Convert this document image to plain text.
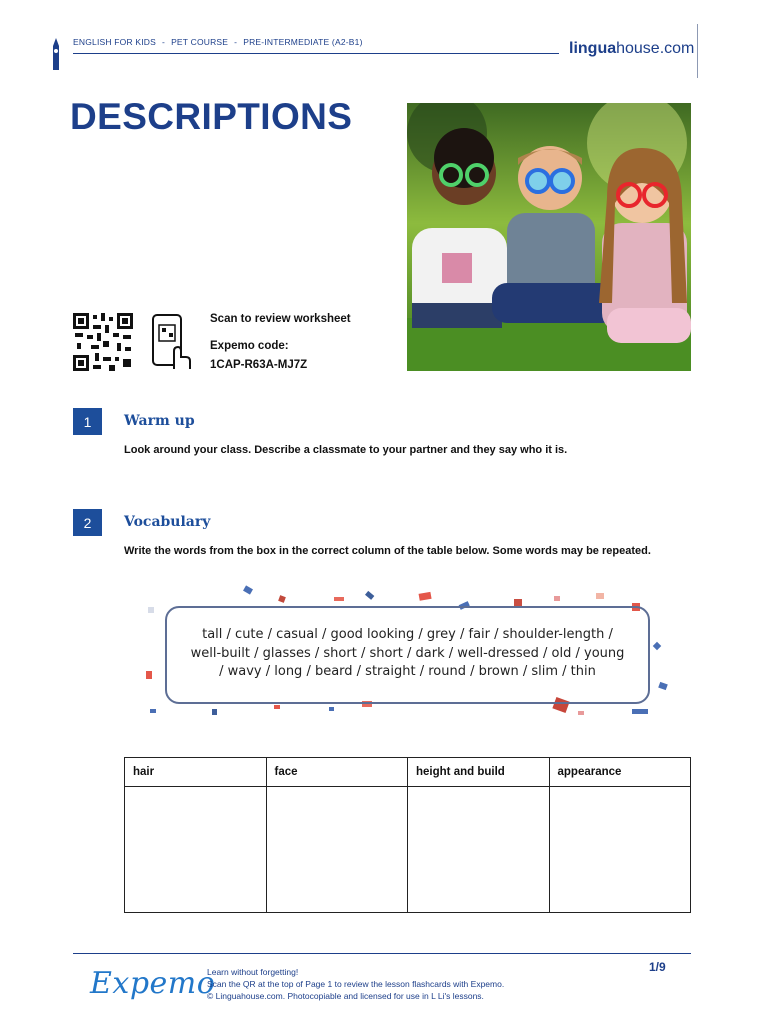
ENGLISH FOR KIDS - PET COURSE - PRE-INTERMEDIATE (A2-B1)	linguahouse.com
DESCRIPTIONS
Scan to review worksheet
Expemo code:
1CAP-R63A-MJ7Z
1	Warm up
Look around your class. Describe a classmate to your partner and they say who it is.
2	Vocabulary
Write the words from the box in the correct column of the table below. Some words may be repeated.
tall / cute / casual / good looking / grey / fair / shoulder-length /
well-built / glasses / short / short / dark / well-dressed / old / young
/ wavy / long / beard / straight / round / brown / slim / thin
hair	face	height and build	appearance

Expemo
Learn without forgetting!
Scan the QR at the top of Page 1 to review the lesson flashcards with Expemo.
© Linguahouse.com. Photocopiable and licensed for use in L Li's lessons.
1/9
